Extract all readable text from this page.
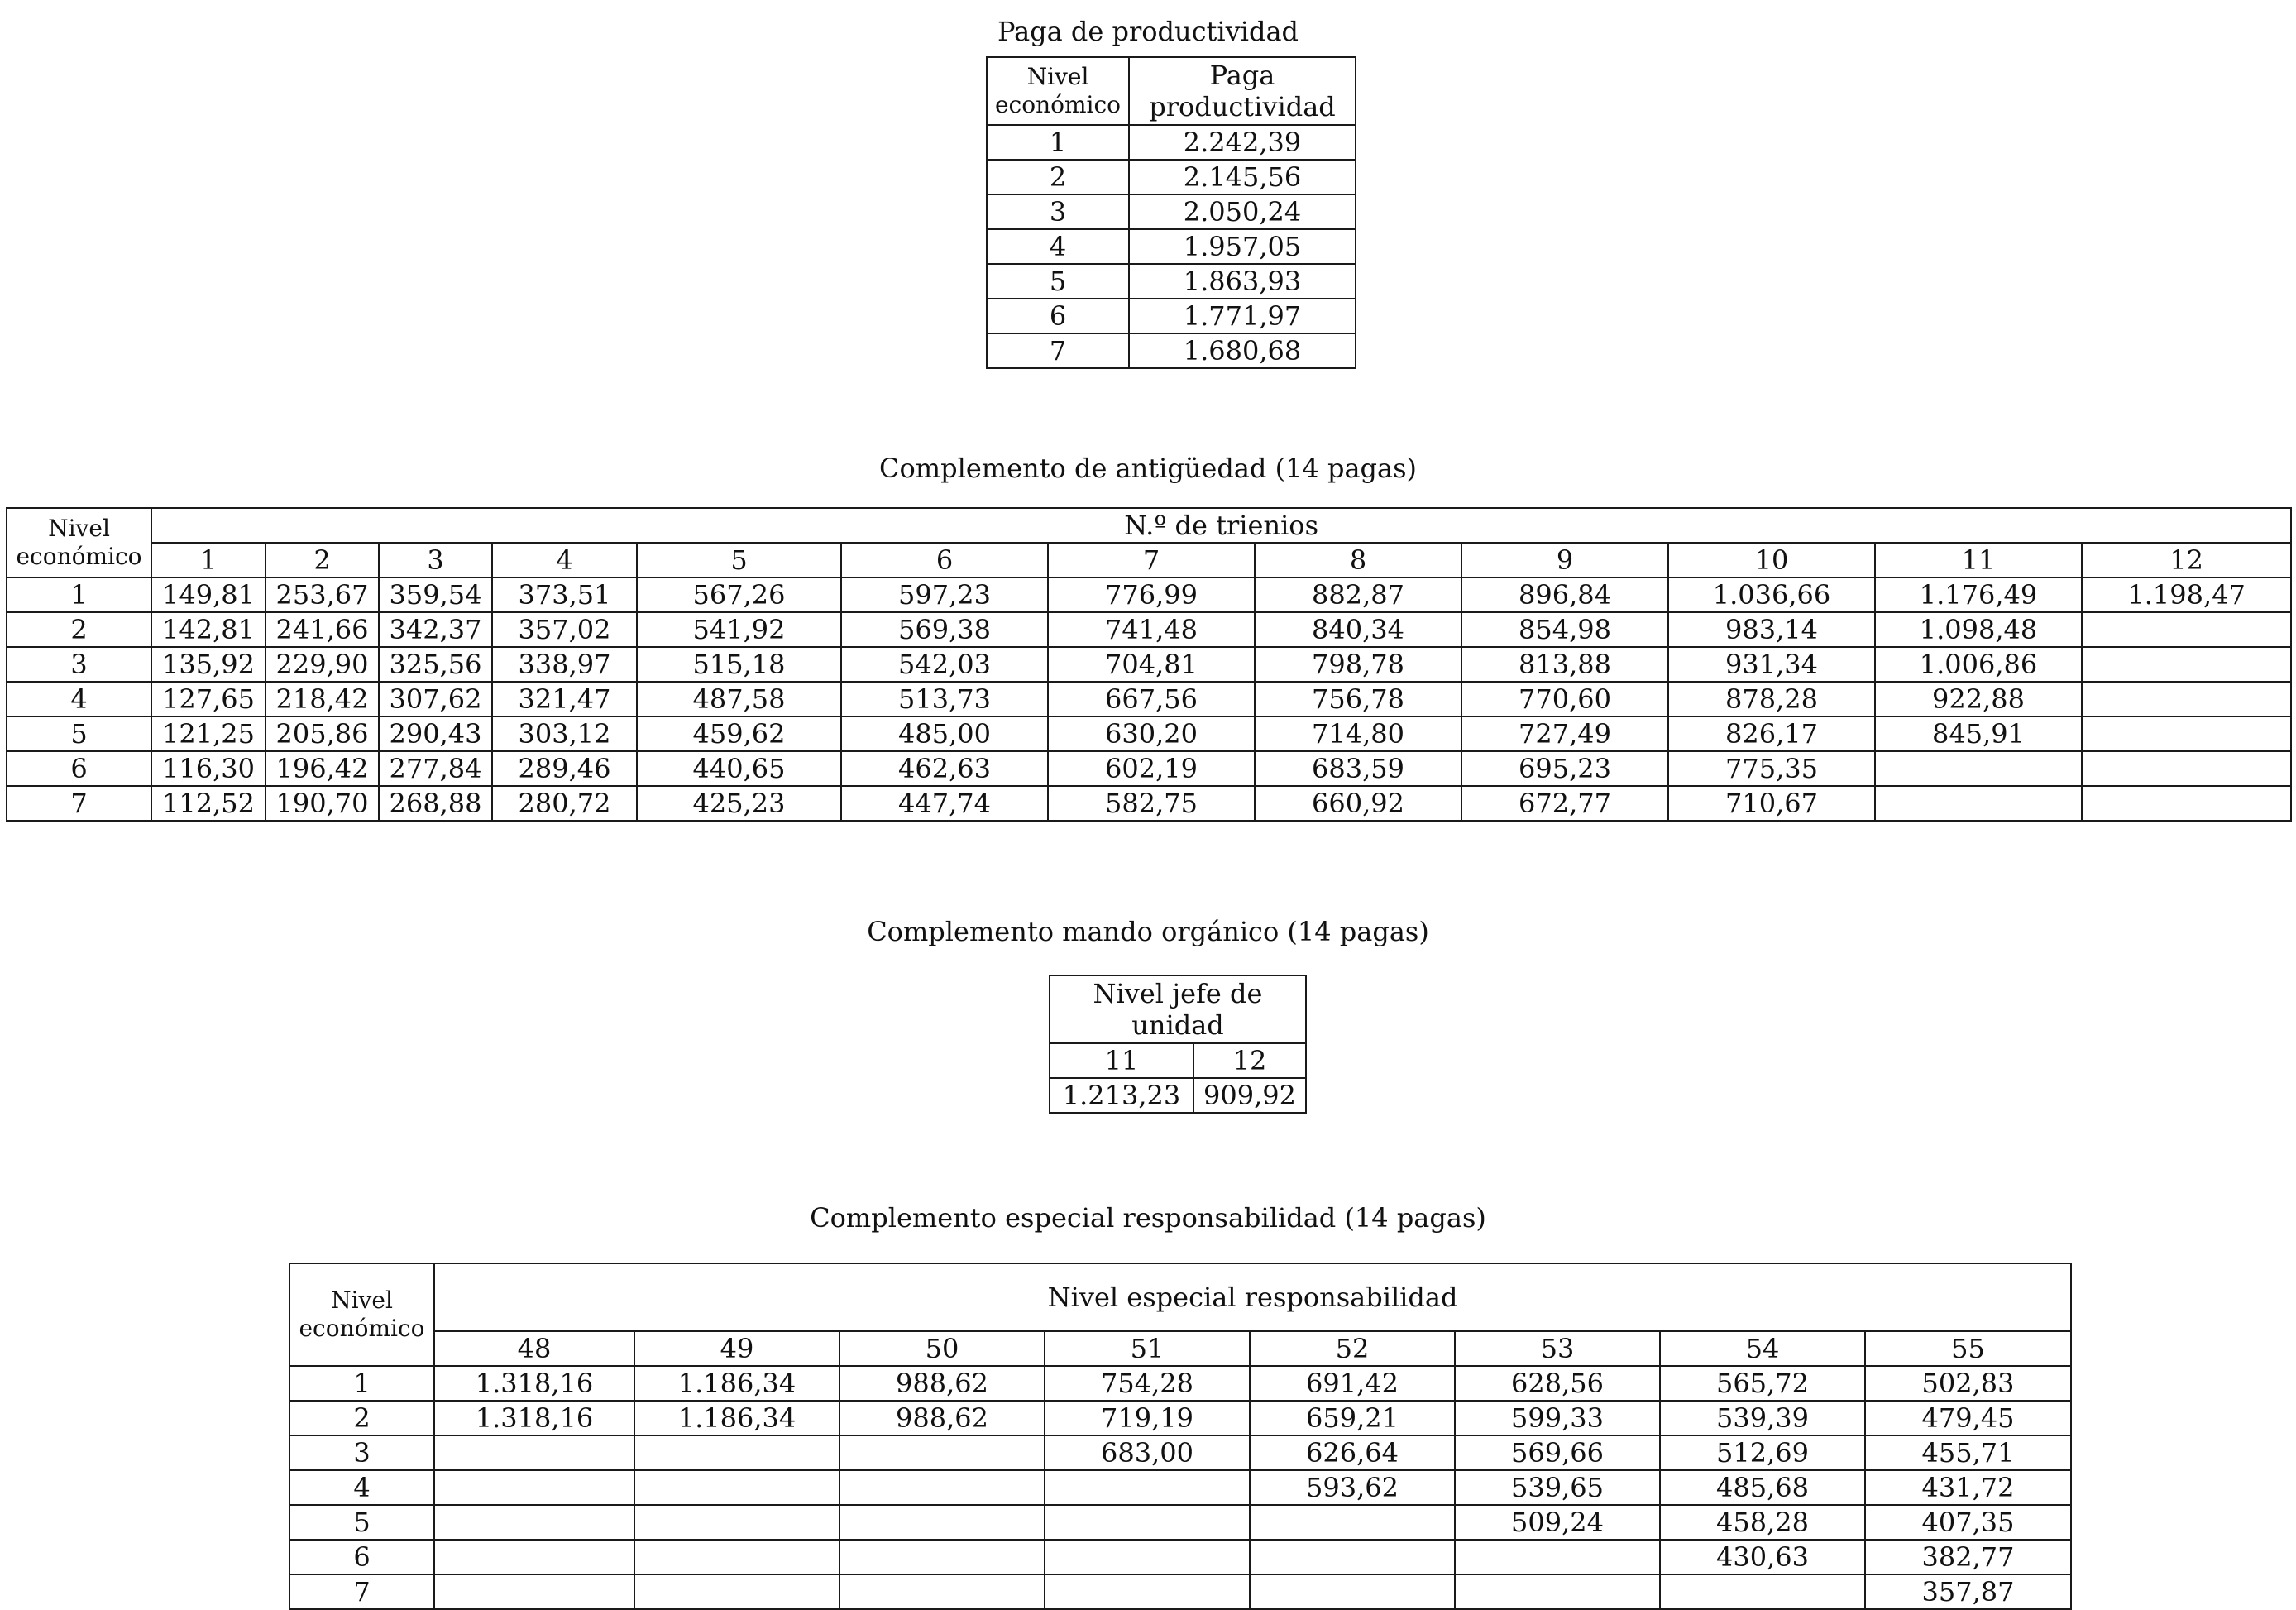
Paga de productividad
Nivel económico	Paga productividad
1	2.242,39
2	2.145,56
3	2.050,24
4	1.957,05
5	1.863,93
6	1.771,97
7	1.680,68
Complemento de antigüedad (14 pagas)
Nivel económico	N.º de trienios											
	1	2	3	4	5	6	7	8	9	10	11	12
1	149,81	253,67	359,54	373,51	567,26	597,23	776,99	882,87	896,84	1.036,66	1.176,49	1.198,47
2	142,81	241,66	342,37	357,02	541,92	569,38	741,48	840,34	854,98	983,14	1.098,48	
3	135,92	229,90	325,56	338,97	515,18	542,03	704,81	798,78	813,88	931,34	1.006,86	
4	127,65	218,42	307,62	321,47	487,58	513,73	667,56	756,78	770,60	878,28	922,88	
5	121,25	205,86	290,43	303,12	459,62	485,00	630,20	714,80	727,49	826,17	845,91	
6	116,30	196,42	277,84	289,46	440,65	462,63	602,19	683,59	695,23	775,35		
7	112,52	190,70	268,88	280,72	425,23	447,74	582,75	660,92	672,77	710,67		
Complemento mando orgánico (14 pagas)
Nivel jefe de unidad	
11	12
1.213,23	909,92
Complemento especial responsabilidad (14 pagas)
Nivel económico	Nivel especial responsabilidad							
	48	49	50	51	52	53	54	55
1	1.318,16	1.186,34	988,62	754,28	691,42	628,56	565,72	502,83
2	1.318,16	1.186,34	988,62	719,19	659,21	599,33	539,39	479,45
3				683,00	626,64	569,66	512,69	455,71
4					593,62	539,65	485,68	431,72
5						509,24	458,28	407,35
6							430,63	382,77
7								357,87
